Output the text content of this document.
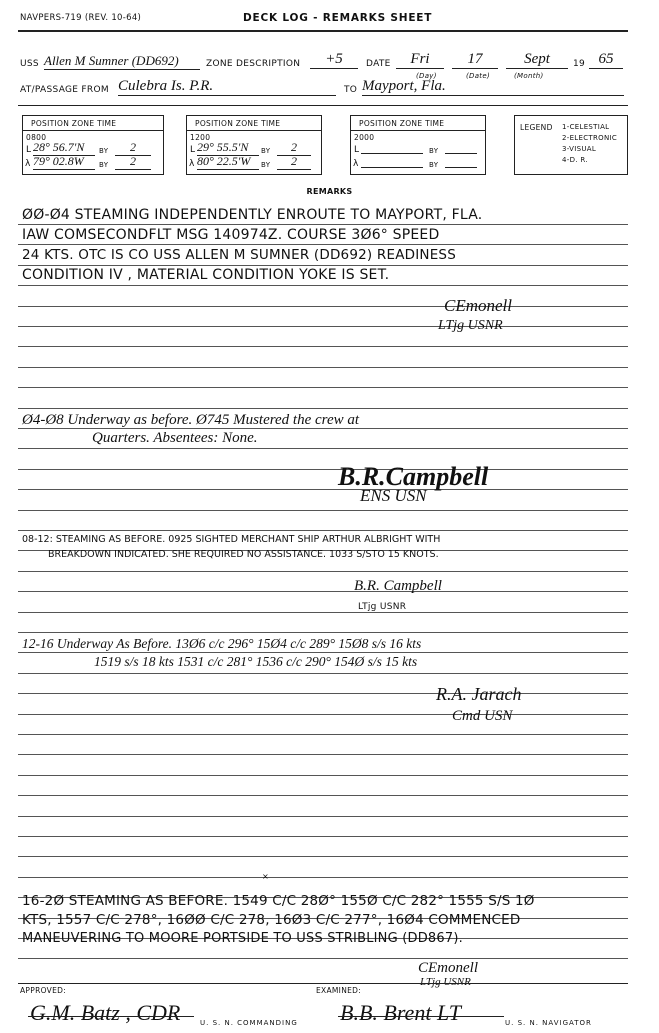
NAVPERS-719 (REV. 10-64)	DECK LOG - REMARKS SHEET
USS Allen M Sumner (DD692)	ZONE DESCRIPTION	+5	DATE	Fri	17	Sept	19 65
(Day)	(Date)	(Month)
AT/PASSAGE FROM Culebra Is. P.R.	TO Mayport, Fla.
POSITION ZONE TIME
0800
L 28° 56.7'N	BY	2
λ 79° 02.8W	BY	2
POSITION ZONE TIME
1200
L 29° 55.5'N	BY	2
λ 80° 22.5'W	BY	2
POSITION ZONE TIME
2000
L	BY
λ	BY
LEGEND 1-CELESTIAL
2-ELECTRONIC
3-VISUAL
4-D. R.
REMARKS
ØØ-Ø4 STEAMING INDEPENDENTLY ENROUTE TO MAYPORT, FLA.
IAW COMSECONDFLT MSG 140974Z. COURSE 3Ø6° SPEED
24 KTS. OTC IS CO USS ALLEN M SUMNER (DD692) READINESS
CONDITION IV , MATERIAL CONDITION YOKE IS SET.
CEmonell
LTjg USNR
Ø4-Ø8 Underway as before. Ø745 Mustered the crew at
Quarters. Absentees: None.
B.R.Campbell
ENS USN
08-12: STEAMING AS BEFORE. 0925 SIGHTED MERCHANT SHIP ARTHUR ALBRIGHT WITH
BREAKDOWN INDICATED. SHE REQUIRED NO ASSISTANCE. 1033 S/STO 15 KNOTS.
B.R. Campbell
LTjg USNR
12-16 Underway As Before. 13Ø6 c/c 296° 15Ø4 c/c 289° 15Ø8 s/s 16 kts
1519 s/s 18 kts 1531 c/c 281° 1536 c/c 290° 154Ø s/s 15 kts
R.A. Jarach
Cmd USN
×
16-2Ø STEAMING AS BEFORE. 1549 C/C 28Ø° 155Ø C/C 282° 1555 S/S 1Ø
KTS, 1557 C/C 278°, 16ØØ C/C 278, 16Ø3 C/C 277°, 16Ø4 COMMENCED
MANEUVERING TO MOORE PORTSIDE TO USS STRIBLING (DD867).
CEmonell
LTjg USNR
APPROVED:
G.M. Batz , CDR	U. S. N. COMMANDING
EXAMINED:
B.B. Brent LT	U. S. N. NAVIGATOR
